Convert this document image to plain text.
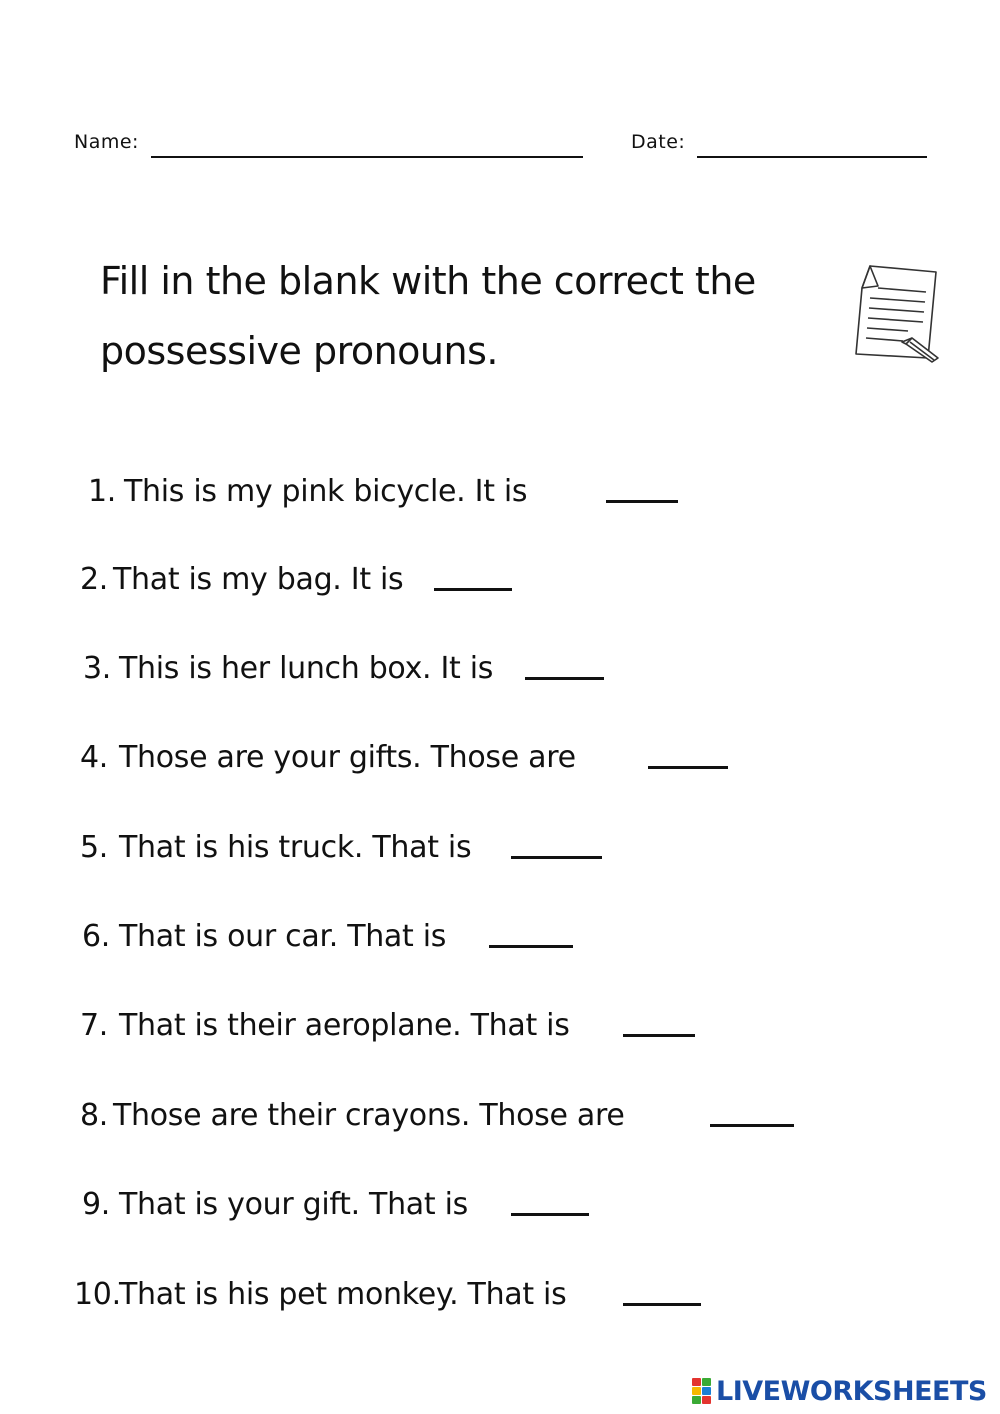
Name:	Date:
Fill in the blank with the correct the
possessive pronouns.
1. This is my pink bicycle. It is
2. That is my bag. It is
3. This is her lunch box. It is
4. Those are your gifts. Those are
5. That is his truck. That is
6. That is our car. That is
7. That is their aeroplane. That is
8. Those are their crayons. Those are
9. That is your gift. That is
10.
That is his pet monkey. That is
LIVEWORKSHEETS
